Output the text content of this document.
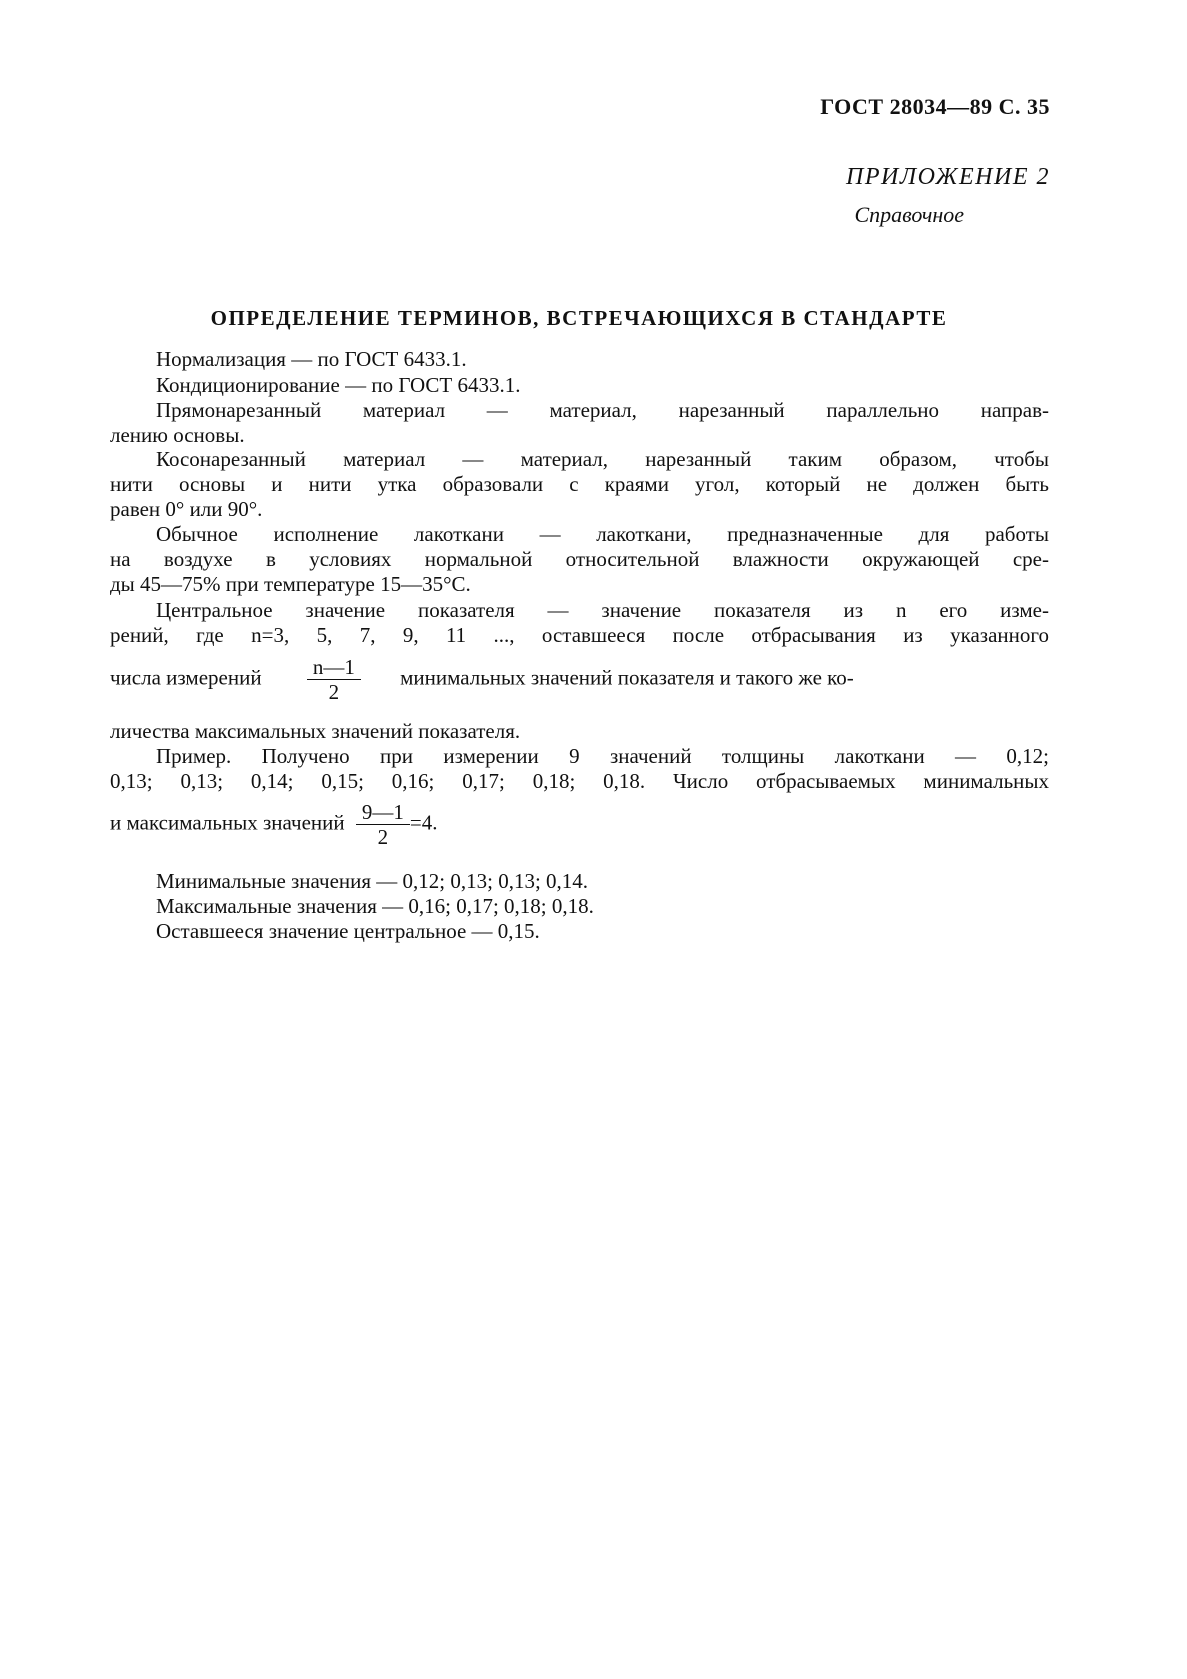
ГОСТ 28034—89 С. 35
ПРИЛОЖЕНИЕ 2
Справочное
ОПРЕДЕЛЕНИЕ ТЕРМИНОВ, ВСТРЕЧАЮЩИХСЯ В СТАНДАРТЕ
Нормализация — по ГОСТ 6433.1.
Кондиционирование — по ГОСТ 6433.1.
Прямонарезанный материал — материал, нарезанный параллельно направ-
лению основы.
Косонарезанный материал — материал, нарезанный таким образом, чтобы
нити основы и нити утка образовали с краями угол, который не должен быть
равен 0° или 90°.
Обычное исполнение лакоткани — лакоткани, предназначенные для работы
на воздухе в условиях нормальной относительной влажности окружающей сре-
ды 45—75% при температуре 15—35°С.
Центральное значение показателя — значение показателя из n его изме-
рений, где n=3, 5, 7, 9, 11 ..., оставшееся после отбрасывания из указанного
числа измерений $\frac{n—1}{2}$ минимальных значений показателя и такого же ко-
личества максимальных значений показателя.
Пример. Получено при измерении 9 значений толщины лакоткани — 0,12;
0,13; 0,13; 0,14; 0,15; 0,16; 0,17; 0,18; 0,18. Число отбрасываемых минимальных
и максимальных значений $\frac{9—1}{2} =4$.
Минимальные значения — 0,12; 0,13; 0,13; 0,14.
Максимальные значения — 0,16; 0,17; 0,18; 0,18.
Оставшееся значение центральное — 0,15.
